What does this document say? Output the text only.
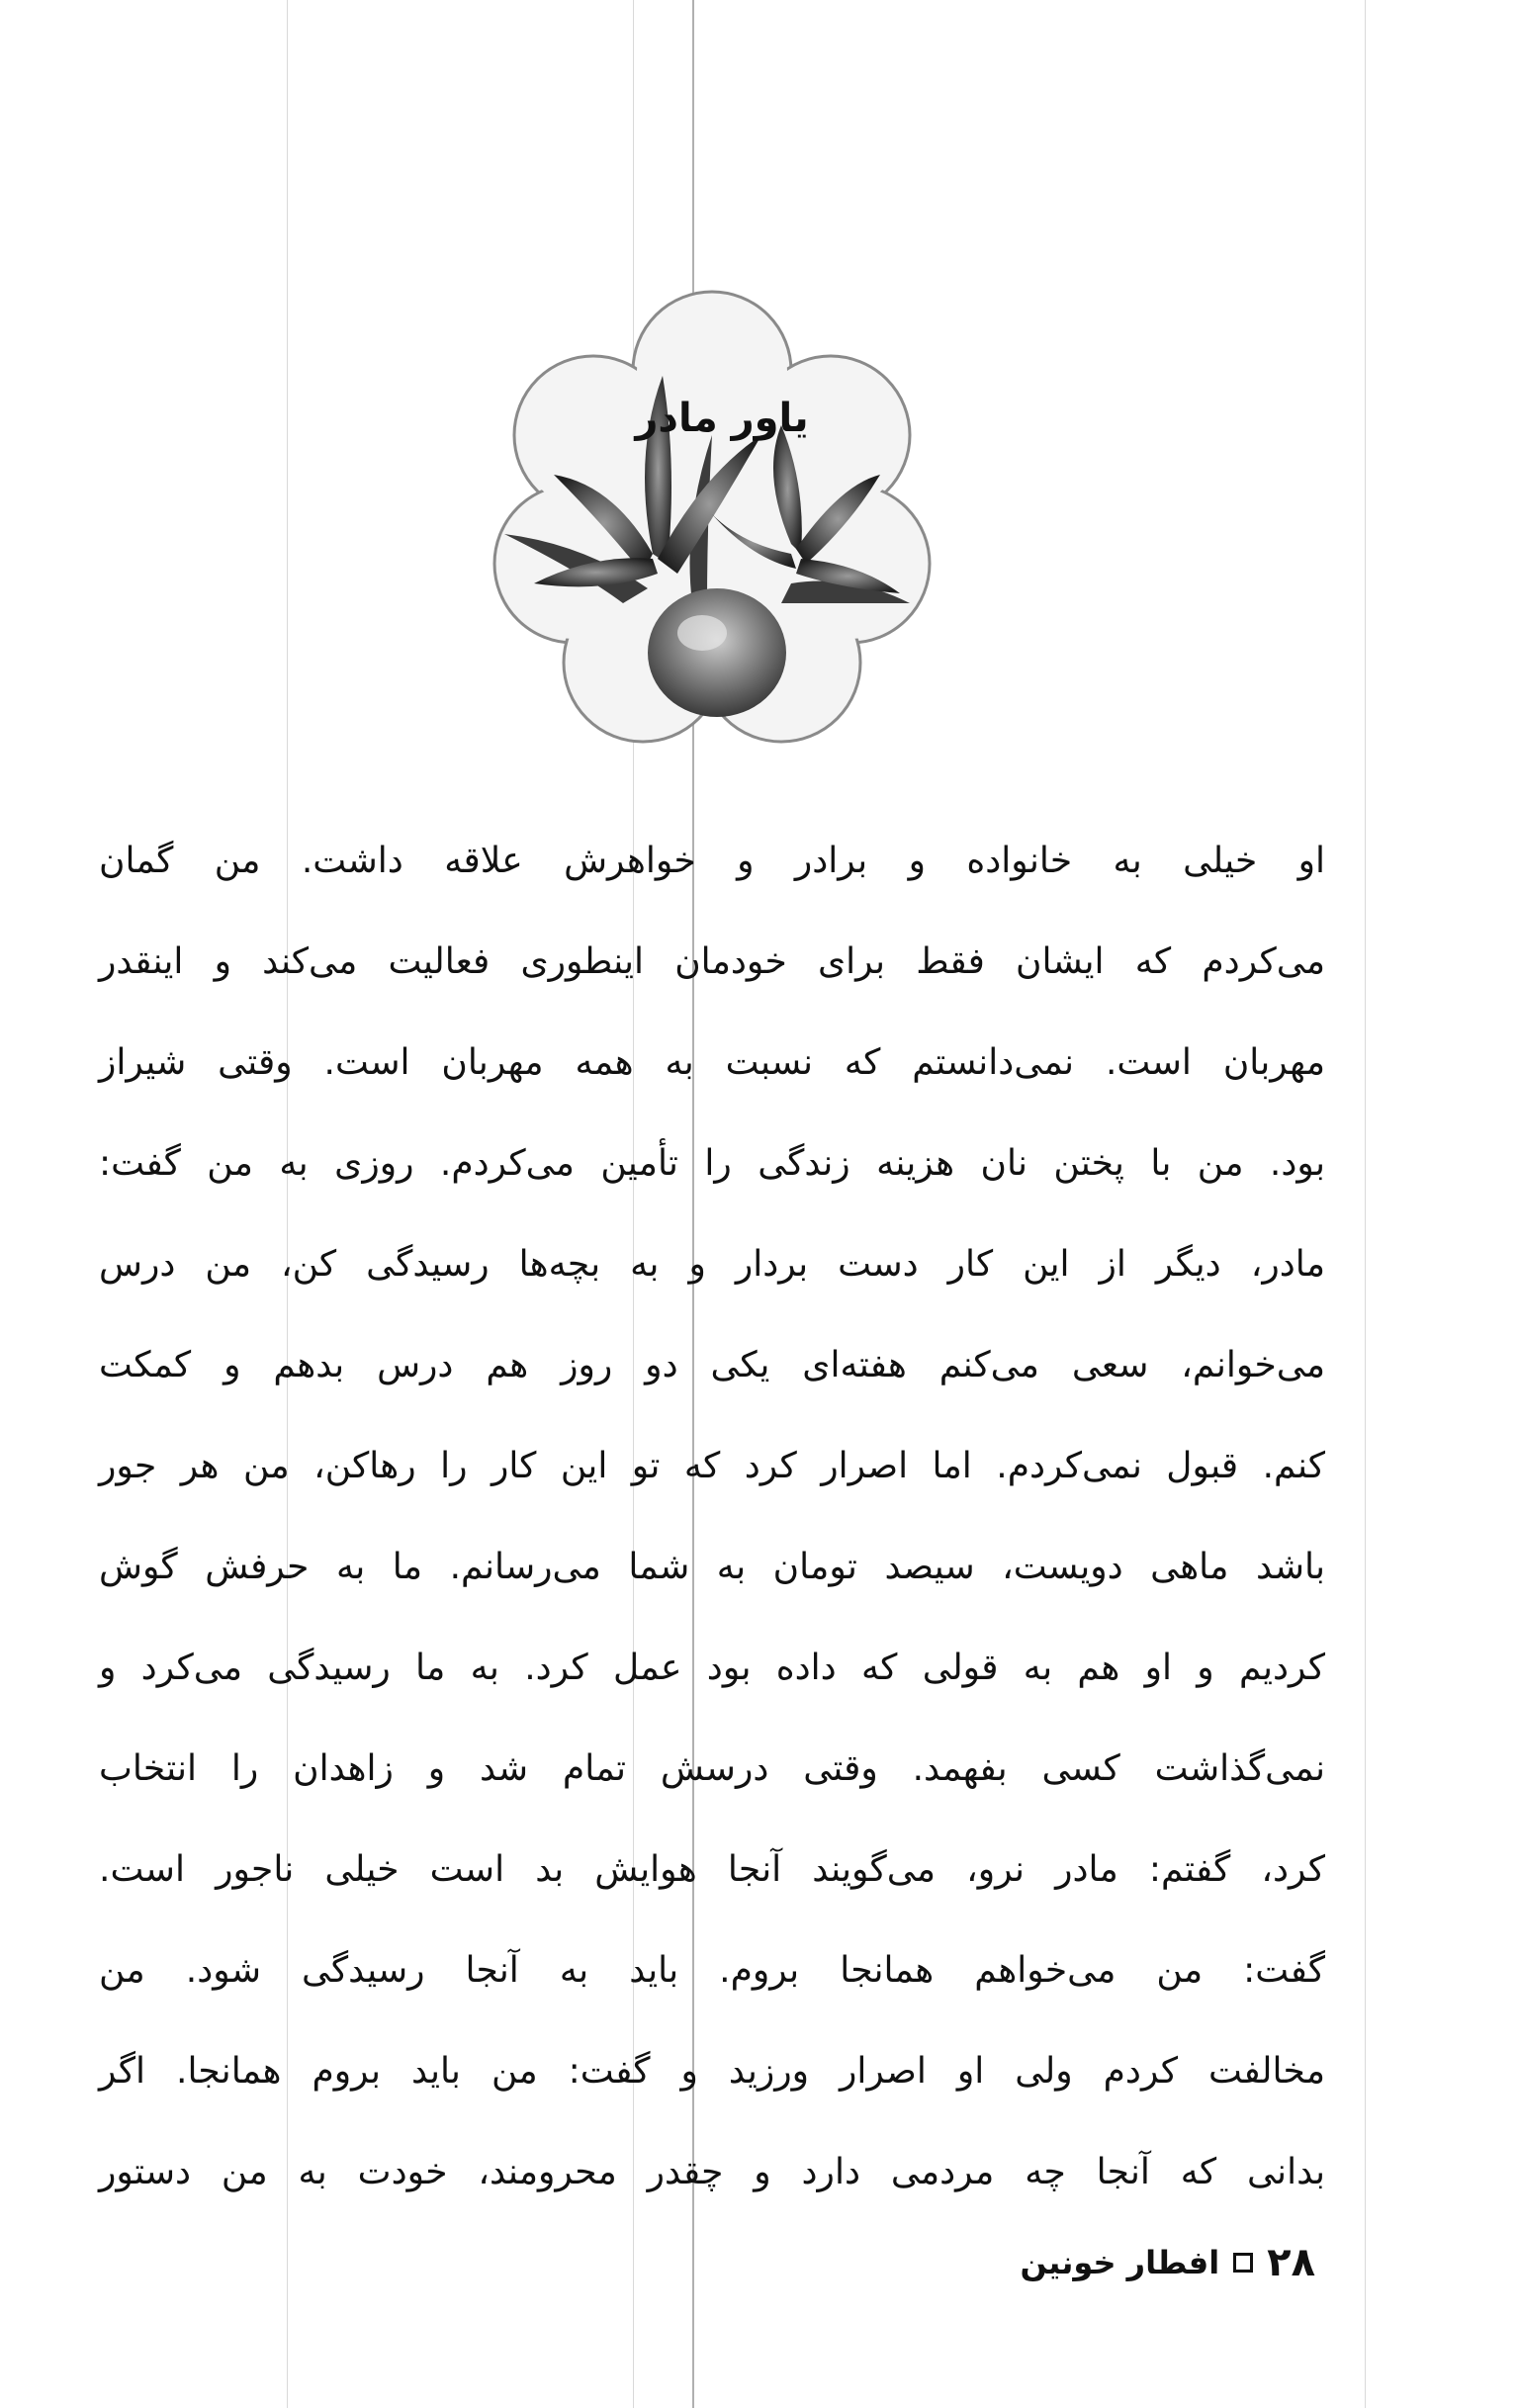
یاور مادر
او خیلی به خانواده و برادر و خواهرش علاقه داشت. من گمان
می‌کردم که ایشان فقط برای خودمان اینطوری فعالیت می‌کند و اینقدر
مهربان است. نمی‌دانستم که نسبت به همه مهربان است. وقتی شیراز
بود. من با پختن نان هزینه زندگی را تأمین می‌کردم. روزی به من گفت:
مادر، دیگر از این کار دست بردار و به بچه‌ها رسیدگی کن، من درس
می‌خوانم، سعی می‌کنم هفته‌ای یکی دو روز هم درس بدهم و کمکت
کنم. قبول نمی‌کردم. اما اصرار کرد که تو این کار را رهاکن، من هر جور
باشد ماهی دویست، سیصد تومان به شما می‌رسانم. ما به حرفش گوش
کردیم و او هم به قولی که داده بود عمل کرد. به ما رسیدگی می‌کرد و
نمی‌گذاشت کسی بفهمد. وقتی درسش تمام شد و زاهدان را انتخاب
کرد، گفتم: مادر نرو، می‌گویند آنجا هوایش بد است خیلی ناجور است.
گفت: من می‌خواهم همانجا بروم. باید به آنجا رسیدگی شود. من
مخالفت کردم ولی او اصرار ورزید و گفت: من باید بروم همانجا. اگر
بدانی که آنجا چه مردمی دارد و چقدر محرومند، خودت به من دستور
۲۸
افطار خونین
